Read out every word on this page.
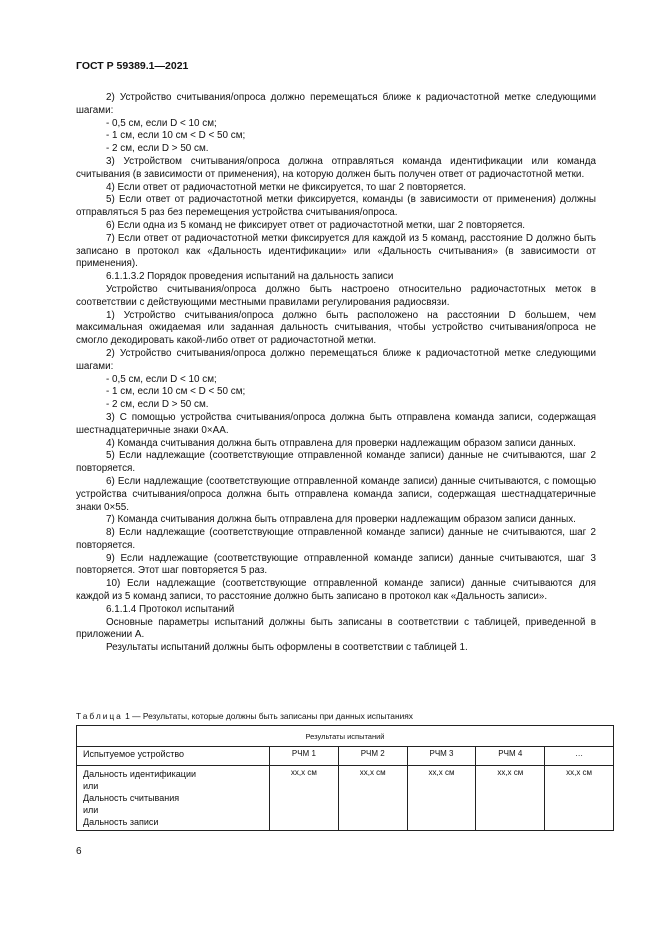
ГОСТ Р 59389.1—2021

2) Устройство считывания/опроса должно перемещаться ближе к радиочастотной метке следующими шагами:

- 0,5 см, если D < 10 см;

- 1 см, если 10 см < D < 50 см;

- 2 см, если D > 50 см.

3) Устройством считывания/опроса должна отправляться команда идентификации или команда считывания (в зависимости от применения), на которую должен быть получен ответ от радиочастотной метки.

4) Если ответ от радиочастотной метки не фиксируется, то шаг 2 повторяется.

5) Если ответ от радиочастотной метки фиксируется, команды (в зависимости от применения) должны отправляться 5 раз без перемещения устройства считывания/опроса.

6) Если одна из 5 команд не фиксирует ответ от радиочастотной метки, шаг 2 повторяется.

7) Если ответ от радиочастотной метки фиксируется для каждой из 5 команд, расстояние D должно быть записано в протокол как «Дальность идентификации» или «Дальность считывания» (в зависимости от применения).

6.1.1.3.2 Порядок проведения испытаний на дальность записи

Устройство считывания/опроса должно быть настроено относительно радиочастотных меток в соответствии с действующими местными правилами регулирования радиосвязи.

1) Устройство считывания/опроса должно быть расположено на расстоянии D большем, чем максимальная ожидаемая или заданная дальность считывания, чтобы устройство считывания/опроса не смогло декодировать какой-либо ответ от радиочастотной метки.

2) Устройство считывания/опроса должно перемещаться ближе к радиочастотной метке следующими шагами:

- 0,5 см, если D < 10 см;

- 1 см, если 10 см < D < 50 см;

- 2 см, если D > 50 см.

3) С помощью устройства считывания/опроса должна быть отправлена команда записи, содержащая шестнадцатеричные знаки 0×AA.

4) Команда считывания должна быть отправлена для проверки надлежащим образом записи данных.

5) Если надлежащие (соответствующие отправленной команде записи) данные не считываются, шаг 2 повторяется.

6) Если надлежащие (соответствующие отправленной команде записи) данные считываются, с помощью устройства считывания/опроса должна быть отправлена команда записи, содержащая шестнадцатеричные знаки 0×55.

7) Команда считывания должна быть отправлена для проверки надлежащим образом записи данных.

8) Если надлежащие (соответствующие отправленной команде записи) данные не считываются, шаг 2 повторяется.

9) Если надлежащие (соответствующие отправленной команде записи) данные считываются, шаг 3 повторяется. Этот шаг повторяется 5 раз.

10) Если надлежащие (соответствующие отправленной команде записи) данные считываются для каждой из 5 команд записи, то расстояние должно быть записано в протокол как «Дальность записи».

6.1.1.4 Протокол испытаний

Основные параметры испытаний должны быть записаны в соответствии с таблицей, приведенной в приложении А.

Результаты испытаний должны быть оформлены в соответствии с таблицей 1.

Таблица 1 — Результаты, которые должны быть записаны при данных испытаниях
Результаты испытаний					
Испытуемое устройство	РЧМ 1	РЧМ 2	РЧМ 3	РЧМ 4	…

Дальность идентификации
или
Дальность считывания
или
Дальность записи	хх,х см	хх,х см	хх,х см	хх,х см	хх,х см
6
